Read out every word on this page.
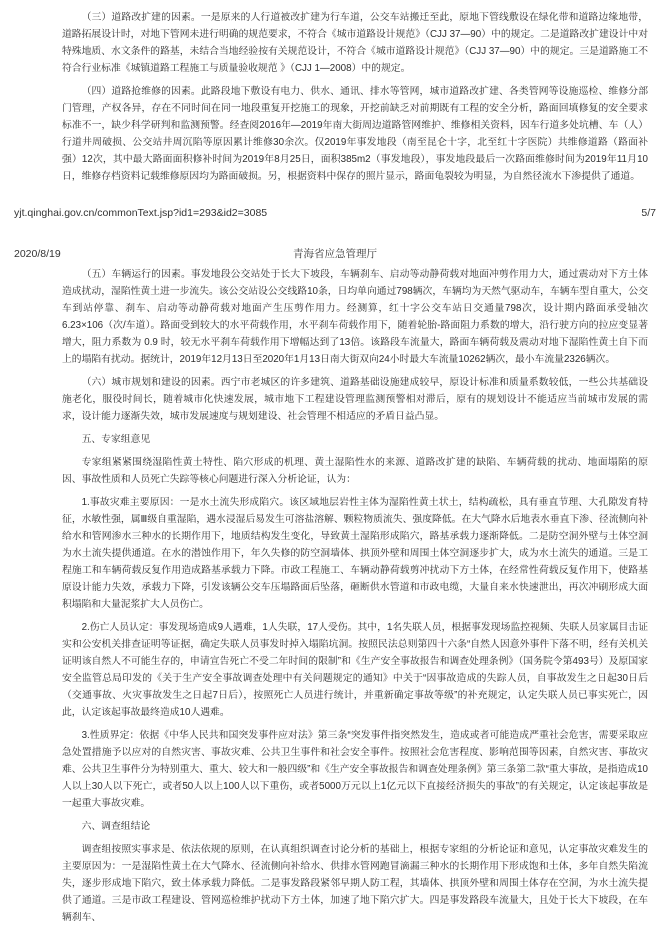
（三）道路改扩建的因素。一是原来的人行道被改扩建为行车道，公交车站搬迁至此，原地下管线敷设在绿化带和道路边缘地带，道路拓展设计时，对地下管网未进行明确的规范要求，不符合《城市道路设计规范》（CJJ 37—90）中的规定。二是道路改扩建设计中对特殊地质、水文条件的路基，未结合当地经验按有关规范设计，不符合《城市道路设计规范》（CJJ 37—90）中的规定。三是道路施工不符合行业标准《城镇道路工程施工与质量验收规范 》（CJJ 1—2008）中的规定。

（四）道路抢维修的因素。此路段地下敷设有电力、供水、通讯、排水等管网，城市道路改扩建、各类管网等设施巡检、维修分部门管理，产权各异，存在不同时间在同一地段重复开挖施工的现象，开挖前缺乏对前期既有工程的安全分析，路面回填修复的安全要求标准不一，缺少科学研判和监测预警。经查阅2016年—2019年南大街周边道路管网维护、维修相关资料，因车行道多处坑槽、车（人）行道井周破损、公交站井周沉陷等原因累计维修30余次。仅2019年事发地段（南至昆仑十字，北至红十字医院）共维修道路（路面补强）12次，其中最大路面面积修补时间为2019年8月25日，面积385m2（事发地段），事发地段最后一次路面维修时间为2019年11月10日，维修存档资料记载维修原因均为路面破损。另，根据资料中保存的照片显示，路面龟裂较为明显，为自然径流水下渗提供了通道。

yjt.qinghai.gov.cn/commonText.jsp?id1=293&id2=3085	5/7
2020/8/19	青海省应急管理厅

（五）车辆运行的因素。事发地段公交站处于长大下坡段，车辆刹车、启动等动静荷载对地面冲剪作用力大，通过震动对下方土体造成扰动，湿陷性黄土进一步流失。该公交站设公交线路10条，日均单向通过798辆次，车辆均为天然气驱动车，车辆车型自重大，公交车到站停靠、刹车、启动等动静荷载对地面产生压剪作用力。经测算，红十字公交车站日交通量798次，设计期内路面承受轴次6.23×106（次/车道）。路面受到较大的水平荷载作用，水平刹车荷载作用下，随着轮胎-路面阻力系数的增大，沿行驶方向的拉应变显著增大，阻力系数为 0.9 时，较无水平刹车荷载作用下增幅达到了13倍。该路段车流量大，路面车辆荷载及震动对地下湿陷性黄土自下而上的塌陷有扰动。据统计，2019年12月13日至2020年1月13日南大街双向24小时最大车流量10262辆次，最小车流量2326辆次。

（六）城市规划和建设的因素。西宁市老城区的许多建筑、道路基础设施建成较早，原设计标准和质量系数较低，一些公共基础设施老化，服役时间长，随着城市化快速发展，城市地下工程建设管理监测预警相对滞后，原有的规划设计不能适应当前城市发展的需求，设计能力逐渐失效，城市发展速度与规划建设、社会管理不相适应的矛盾日益凸显。

五、专家组意见

专家组紧紧围绕湿陷性黄土特性、陷穴形成的机理、黄土湿陷性水的来源、道路改扩建的缺陷、车辆荷载的扰动、地面塌陷的原因、事故性质和人员死亡失踪等核心问题进行深入分析论证，认为：

1.事故灾难主要原因：一是水土流失形成陷穴。该区域地层岩性主体为湿陷性黄土状土，结构疏松，具有垂直节理、大孔隙发育特征，水敏性强，属Ⅲ级自重湿陷，遇水浸湿后易发生可溶盐溶解、颗粒物质流失、强度降低。在大气降水后地表水垂直下渗、径流侧向补给水和管网渗水三种水的长期作用下，地质结构发生变化，导致黄土湿陷形成陷穴，路基承载力逐渐降低。二是防空洞外壁与土体空洞为水土流失提供通道。在水的潜蚀作用下，年久失修的防空洞墙体、拱顶外壁和周围土体空洞逐步扩大，成为水土流失的通道。三是工程施工和车辆荷载反复作用造成路基承载力下降。市政工程施工、车辆动静荷载剪冲扰动下方土体，在经常性荷载反复作用下，使路基原设计能力失效，承载力下降，引发该辆公交车压塌路面后坠落，砸断供水管道和市政电缆，大量自来水快速泄出，再次冲刷形成大面积塌陷和大量泥浆扩大人员伤亡。

2.伤亡人员认定：事发现场造成9人遇难，1人失联，17人受伤。其中，1名失联人员，根据事发现场监控视频、失联人员家属目击证实和公安机关排查证明等证据，确定失联人员事发时掉入塌陷坑洞。按照民法总则第四十六条“自然人因意外事件下落不明，经有关机关证明该自然人不可能生存的，申请宣告死亡不受二年时间的限制”和《生产安全事故报告和调查处理条例》（国务院令第493号）及原国家安全监管总局印发的《关于生产安全事故调查处理中有关问题规定的通知》中关于“因事故造成的失踪人员，自事故发生之日起30日后（交通事故、火灾事故发生之日起7日后），按照死亡人员进行统计，并重新确定事故等级”的补充规定，认定失联人员已事实死亡，因此，认定该起事故最终造成10人遇难。

3.性质界定：依据《中华人民共和国突发事件应对法》第三条“突发事件指突然发生，造成或者可能造成严重社会危害，需要采取应急处置措施予以应对的自然灾害、事故灾难、公共卫生事件和社会安全事件。按照社会危害程度、影响范围等因素，自然灾害、事故灾难、公共卫生事件分为特别重大、重大、较大和一般四级”和《生产安全事故报告和调查处理条例》第三条第二款“重大事故，是指造成10人以上30人以下死亡，或者50人以上100人以下重伤，或者5000万元以上1亿元以下直接经济损失的事故”的有关规定，认定该起事故是一起重大事故灾难。

六、调查组结论

调查组按照实事求是、依法依规的原则，在认真组织调查讨论分析的基础上，根据专家组的分析论证和意见，认定事故灾难发生的主要原因为：一是湿陷性黄土在大气降水、径流侧向补给水、供排水管网跑冒滴漏三种水的长期作用下形成饱和土体，多年自然失陷流失，逐步形成地下陷穴，致土体承载力降低。二是事发路段紧邻早期人防工程，其墙体、拱顶外壁和周围土体存在空洞，为水土流失提供了通道。三是市政工程建设、管网巡检维护扰动下方土体，加速了地下陷穴扩大。四是事发路段车流量大，且处于长大下坡段，在车辆刹车、
